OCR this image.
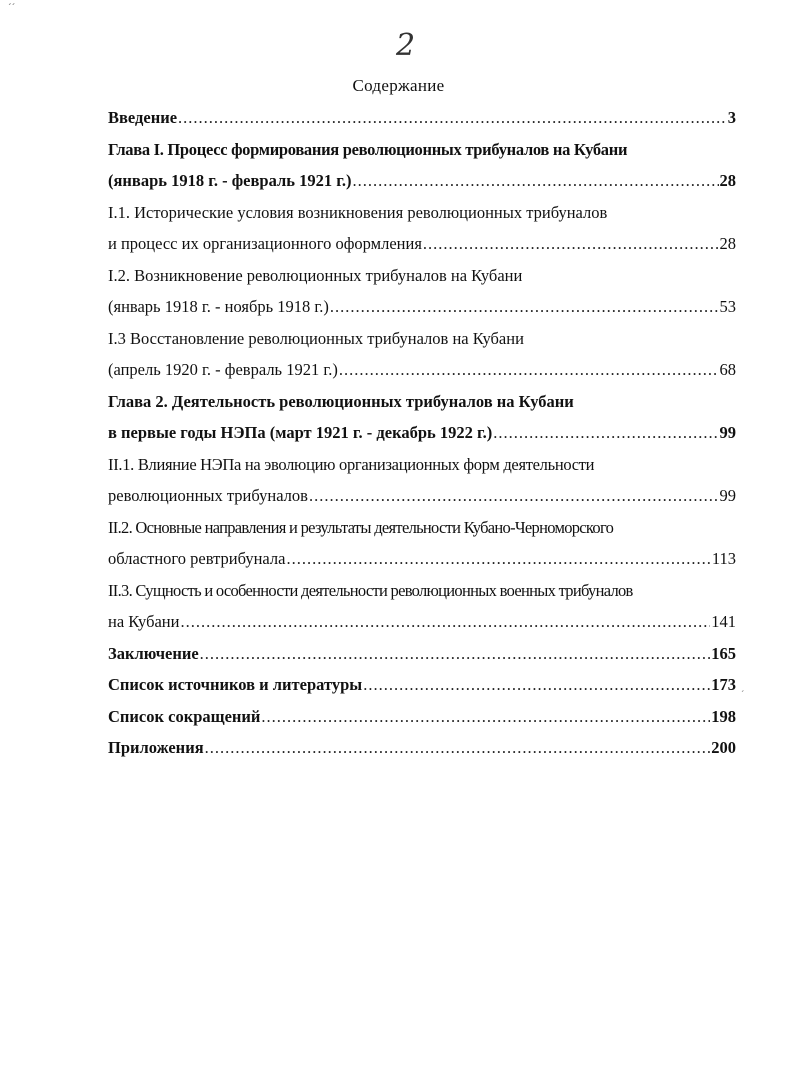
ˊˊ
2
Содержание
ˊ
Введение .....	3
Глава I. Процесс формирования революционных трибуналов на Кубани
(январь 1918 г. - февраль 1921 г.) .....	28
I.1. Исторические условия возникновения революционных трибуналов
и процесс их организационного оформления .....	28
I.2. Возникновение революционных трибуналов на Кубани
(январь 1918 г. - ноябрь 1918 г.) .....	53
I.3 Восстановление революционных трибуналов на Кубани
(апрель 1920 г. - февраль 1921 г.) .....	68
Глава 2. Деятельность революционных трибуналов на Кубани
в первые годы НЭПа (март 1921 г. - декабрь 1922 г.) .....	99
II.1. Влияние НЭПа на эволюцию организационных форм деятельности
революционных трибуналов .....	99
II.2. Основные направления и результаты деятельности Кубано-Черноморского
областного ревтрибунала .....	113
II.3. Сущность и особенности деятельности революционных военных трибуналов
на Кубани .....	141
Заключение .....	165
Список источников и литературы .....	173
Список сокращений .....	198
Приложения .....	200
